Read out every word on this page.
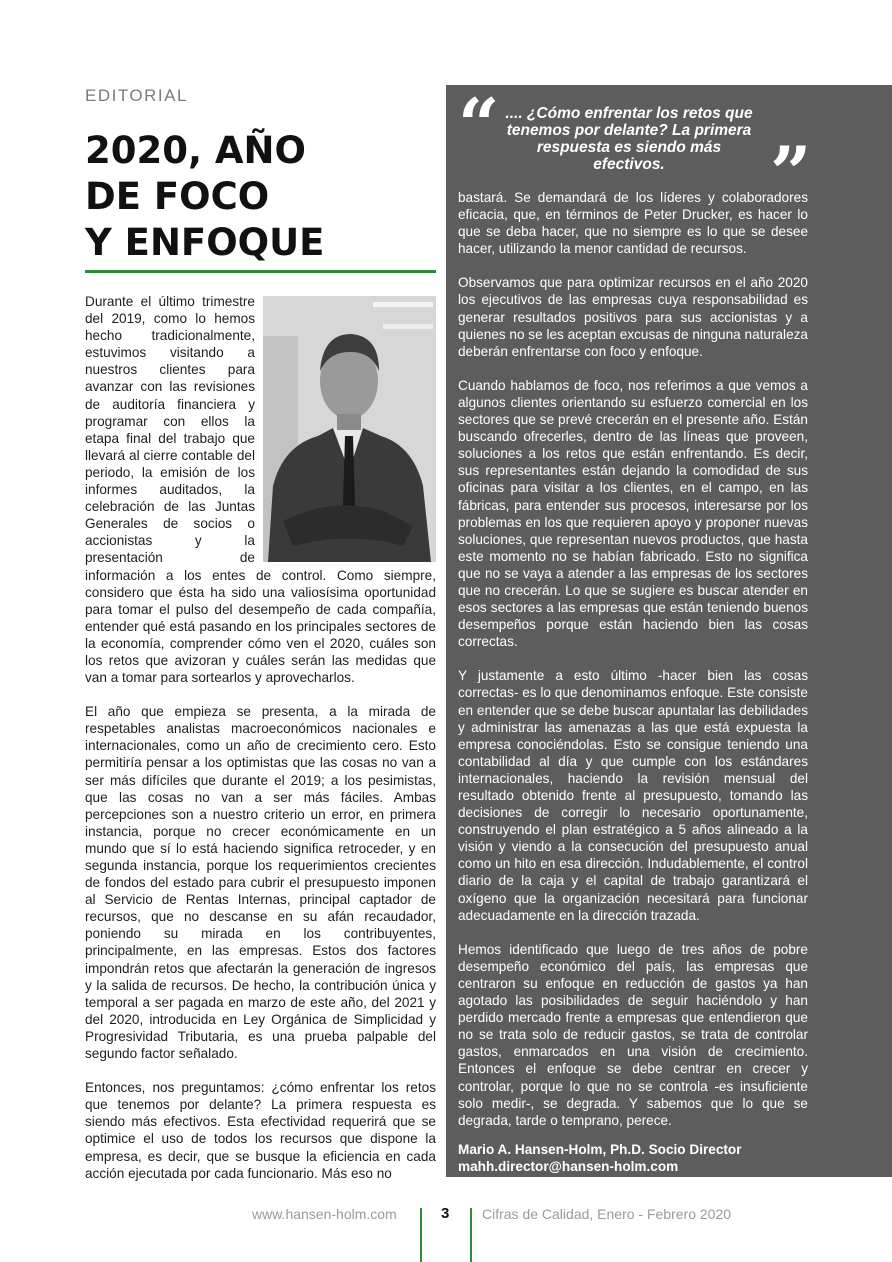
EDITORIAL
2020, AÑO
DE FOCO
Y ENFOQUE

Durante el último trimestre del 2019, como lo hemos hecho tradicionalmente, estuvimos visitando a nuestros clientes para avanzar con las revisiones de auditoría financiera y programar con ellos la etapa final del trabajo que llevará al cierre contable del periodo, la emisión de los informes auditados, la celebración de las Juntas Generales de socios o accionistas y la presentación de información a los entes de control. Como siempre, considero que ésta ha sido una valiosísima oportunidad para tomar el pulso del desempeño de cada compañía, entender qué está pasando en los principales sectores de la economía, comprender cómo ven el 2020, cuáles son los retos que avizoran y cuáles serán las medidas que van a tomar para sortearlos y aprovecharlos.

El año que empieza se presenta, a la mirada de respetables analistas macroeconómicos nacionales e internacionales, como un año de crecimiento cero. Esto permitiría pensar a los optimistas que las cosas no van a ser más difíciles que durante el 2019; a los pesimistas, que las cosas no van a ser más fáciles. Ambas percepciones son a nuestro criterio un error, en primera instancia, porque no crecer económicamente en un mundo que sí lo está haciendo significa retroceder, y en segunda instancia, porque los requerimientos crecientes de fondos del estado para cubrir el presupuesto imponen al Servicio de Rentas Internas, principal captador de recursos, que no descanse en su afán recaudador, poniendo su mirada en los contribuyentes, principalmente, en las empresas. Estos dos factores impondrán retos que afectarán la generación de ingresos y la salida de recursos. De hecho, la contribución única y temporal a ser pagada en marzo de este año, del 2021 y del 2020, introducida en Ley Orgánica de Simplicidad y Progresividad Tributaria, es una prueba palpable del segundo factor señalado.

Entonces, nos preguntamos: ¿cómo enfrentar los retos que tenemos por delante? La primera respuesta es siendo más efectivos. Esta efectividad requerirá que se optimice el uso de todos los recursos que dispone la empresa, es decir, que se busque la eficiencia en cada acción ejecutada por cada funcionario. Más eso no

“ .... ¿Cómo enfrentar los retos que tenemos por delante? La primera respuesta es siendo más efectivos.	”

bastará. Se demandará de los líderes y colaboradores eficacia, que, en términos de Peter Drucker, es hacer lo que se deba hacer, que no siempre es lo que se desee hacer, utilizando la menor cantidad de recursos.

Observamos que para optimizar recursos en el año 2020 los ejecutivos de las empresas cuya responsabilidad es generar resultados positivos para sus accionistas y a quienes no se les aceptan excusas de ninguna naturaleza deberán enfrentarse con foco y enfoque.

Cuando hablamos de foco, nos referimos a que vemos a algunos clientes orientando su esfuerzo comercial en los sectores que se prevé crecerán en el presente año. Están buscando ofrecerles, dentro de las líneas que proveen, soluciones a los retos que están enfrentando. Es decir, sus representantes están dejando la comodidad de sus oficinas para visitar a los clientes, en el campo, en las fábricas, para entender sus procesos, interesarse por los problemas en los que requieren apoyo y proponer nuevas soluciones, que representan nuevos productos, que hasta este momento no se habían fabricado. Esto no significa que no se vaya a atender a las empresas de los sectores que no crecerán. Lo que se sugiere es buscar atender en esos sectores a las empresas que están teniendo buenos desempeños porque están haciendo bien las cosas correctas.

Y justamente a esto último -hacer bien las cosas correctas- es lo que denominamos enfoque. Este consiste en entender que se debe buscar apuntalar las debilidades y administrar las amenazas a las que está expuesta la empresa conociéndolas. Esto se consigue teniendo una contabilidad al día y que cumple con los estándares internacionales, haciendo la revisión mensual del resultado obtenido frente al presupuesto, tomando las decisiones de corregir lo necesario oportunamente, construyendo el plan estratégico a 5 años alineado a la visión y viendo a la consecución del presupuesto anual como un hito en esa dirección. Indudablemente, el control diario de la caja y el capital de trabajo garantizará el oxígeno que la organización necesitará para funcionar adecuadamente en la dirección trazada.

Hemos identificado que luego de tres años de pobre desempeño económico del país, las empresas que centraron su enfoque en reducción de gastos ya han agotado las posibilidades de seguir haciéndolo y han perdido mercado frente a empresas que entendieron que no se trata solo de reducir gastos, se trata de controlar gastos, enmarcados en una visión de crecimiento. Entonces el enfoque se debe centrar en crecer y controlar, porque lo que no se controla -es insuficiente solo medir-, se degrada. Y sabemos que lo que se degrada, tarde o temprano, perece.

Mario A. Hansen-Holm, Ph.D. Socio Director
mahh.director@hansen-holm.com
www.hansen-holm.com	3 Cifras de Calidad, Enero - Febrero 2020
